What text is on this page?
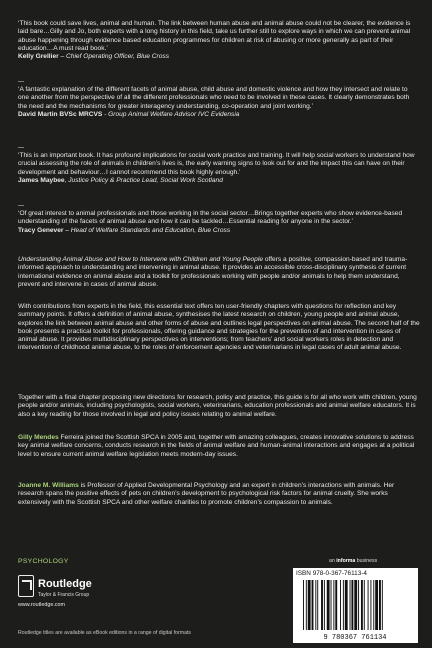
‘This book could save lives, animal and human. The link between human abuse and animal abuse could not be clearer, the evidence is laid bare…Gilly and Jo, both experts with a long history in this field, take us further still to explore ways in which we can prevent animal abuse happening through evidence based education programmes for children at risk of abusing or more generally as part of their education…A must read book.’
Kelly Grellier – Chief Operating Officer, Blue Cross
‘A fantastic explanation of the different facets of animal abuse, child abuse and domestic violence and how they intersect and relate to one another from the perspective of all the different professionals who need to be involved in these cases. It clearly demonstrates both the need and the mechanisms for greater interagency understanding, co-operation and joint working.’
David Martin BVSc MRCVS - Group Animal Welfare Advisor IVC Evidensia
‘This is an important book. It has profound implications for social work practice and training. It will help social workers to understand how crucial assessing the role of animals in children’s lives is, the early warning signs to look out for and the impact this can have on their development and behaviour…I cannot recommend this book highly enough.’
James Maybee, Justice Policy & Practice Lead, Social Work Scotland
‘Of great interest to animal professionals and those working in the social sector…Brings together experts who show evidence-based understanding of the facets of animal abuse and how it can be tackled…Essential reading for anyone in the sector.’
Tracy Genever – Head of Welfare Standards and Education, Blue Cross
Understanding Animal Abuse and How to Intervene with Children and Young People offers a positive, compassion-based and trauma-informed approach to understanding and intervening in animal abuse. It provides an accessible cross-disciplinary synthesis of current international evidence on animal abuse and a toolkit for professionals working with people and/or animals to help them understand, prevent and intervene in cases of animal abuse.
With contributions from experts in the field, this essential text offers ten user-friendly chapters with questions for reflection and key summary points. It offers a definition of animal abuse, synthesises the latest research on children, young people and animal abuse, explores the link between animal abuse and other forms of abuse and outlines legal perspectives on animal abuse. The second half of the book presents a practical toolkit for professionals, offering guidance and strategies for the prevention of and intervention in cases of animal abuse. It provides multidisciplinary perspectives on interventions; from teachers’ and social workers roles in detection and intervention of childhood animal abuse, to the roles of enforcement agencies and veterinarians in legal cases of adult animal abuse.
Together with a final chapter proposing new directions for research, policy and practice, this guide is for all who work with children, young people and/or animals, including psychologists, social workers, veterinarians, education professionals and animal welfare educators. It is also a key reading for those involved in legal and policy issues relating to animal welfare.
Gilly Mendes Ferreira joined the Scottish SPCA in 2005 and, together with amazing colleagues, creates innovative solutions to address key animal welfare concerns, conducts research in the fields of animal welfare and human-animal interactions and engages at a political level to ensure current animal welfare legislation meets modern-day issues.
Joanne M. Williams is Professor of Applied Developmental Psychology and an expert in children’s interactions with animals. Her research spans the positive effects of pets on children’s development to psychological risk factors for animal cruelty. She works extensively with the Scottish SPCA and other welfare charities to promote children’s compassion to animals.
PSYCHOLOGY
Routledge
Taylor & Francis Group
www.routledge.com
an informa business
ISBN 978-0-367-76113-4
9 780367 761134
Routledge titles are available as eBook editions in a range of digital formats
